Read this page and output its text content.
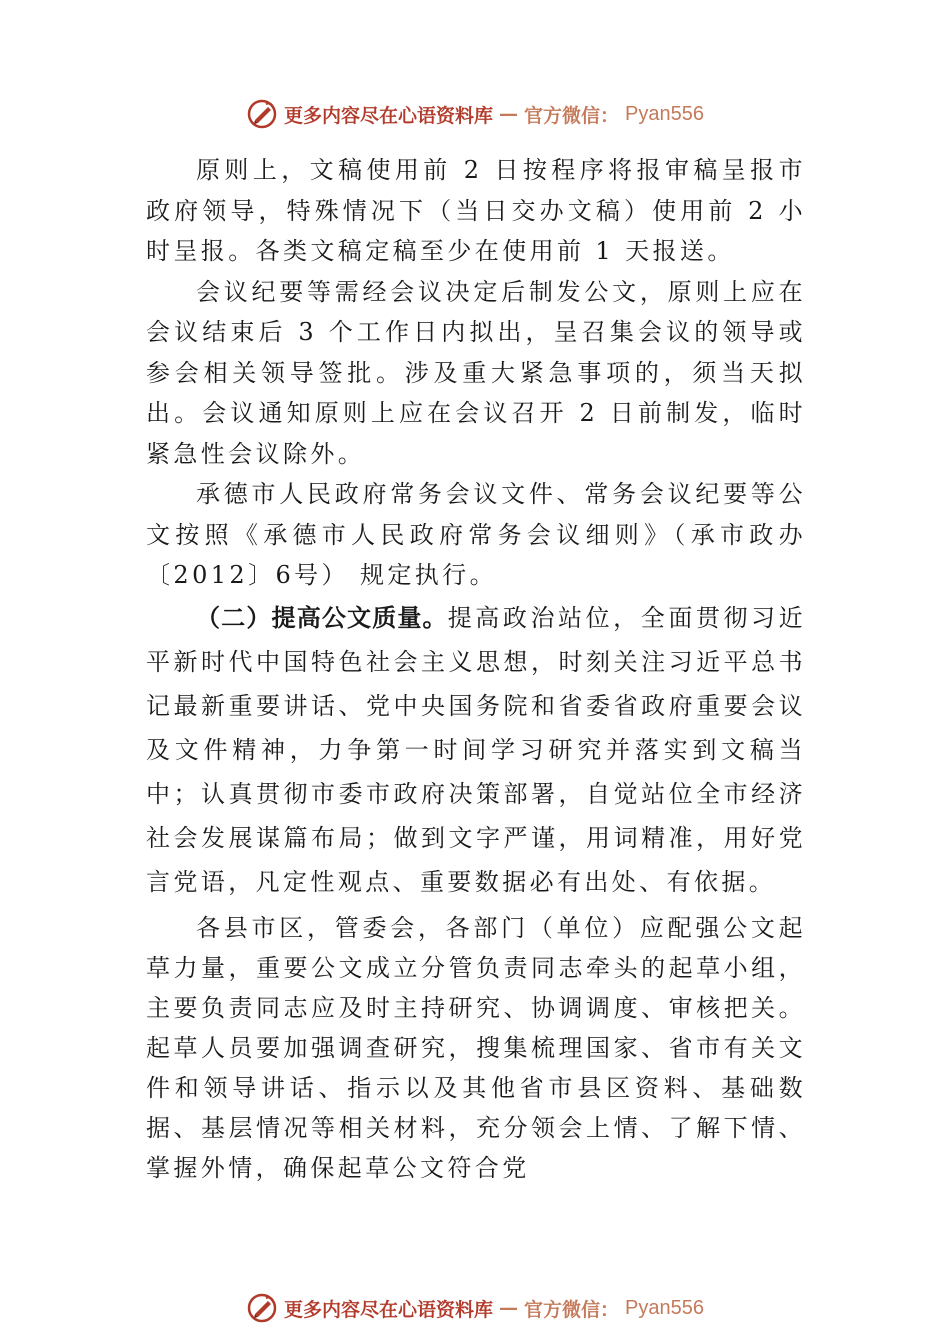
更多内容尽在心语资料库 — 官方微信： Pyan556

原则上，文稿使用前 2 日按程序将报审稿呈报市政府领导，特殊情况下（当日交办文稿）使用前 2 小时呈报。各类文稿定稿至少在使用前 1 天报送。

会议纪要等需经会议决定后制发公文，原则上应在会议结束后 3 个工作日内拟出，呈召集会议的领导或参会相关领导签批。涉及重大紧急事项的，须当天拟出。会议通知原则上应在会议召开 2 日前制发，临时紧急性会议除外。

承德市人民政府常务会议文件、常务会议纪要等公文按照《承德市人民政府常务会议细则》（承市政办〔2012〕6号） 规定执行。

（二）提高公文质量。提高政治站位，全面贯彻习近平新时代中国特色社会主义思想，时刻关注习近平总书记最新重要讲话、党中央国务院和省委省政府重要会议及文件精神，力争第一时间学习研究并落实到文稿当中；认真贯彻市委市政府决策部署，自觉站位全市经济社会发展谋篇布局；做到文字严谨，用词精准，用好党言党语，凡定性观点、重要数据必有出处、有依据。

各县市区，管委会，各部门（单位）应配强公文起草力量，重要公文成立分管负责同志牵头的起草小组，主要负责同志应及时主持研究、协调调度、审核把关。起草人员要加强调查研究，搜集梳理国家、省市有关文件和领导讲话、指示以及其他省市县区资料、基础数据、基层情况等相关材料，充分领会上情、了解下情、掌握外情，确保起草公文符合党

更多内容尽在心语资料库 — 官方微信： Pyan556
